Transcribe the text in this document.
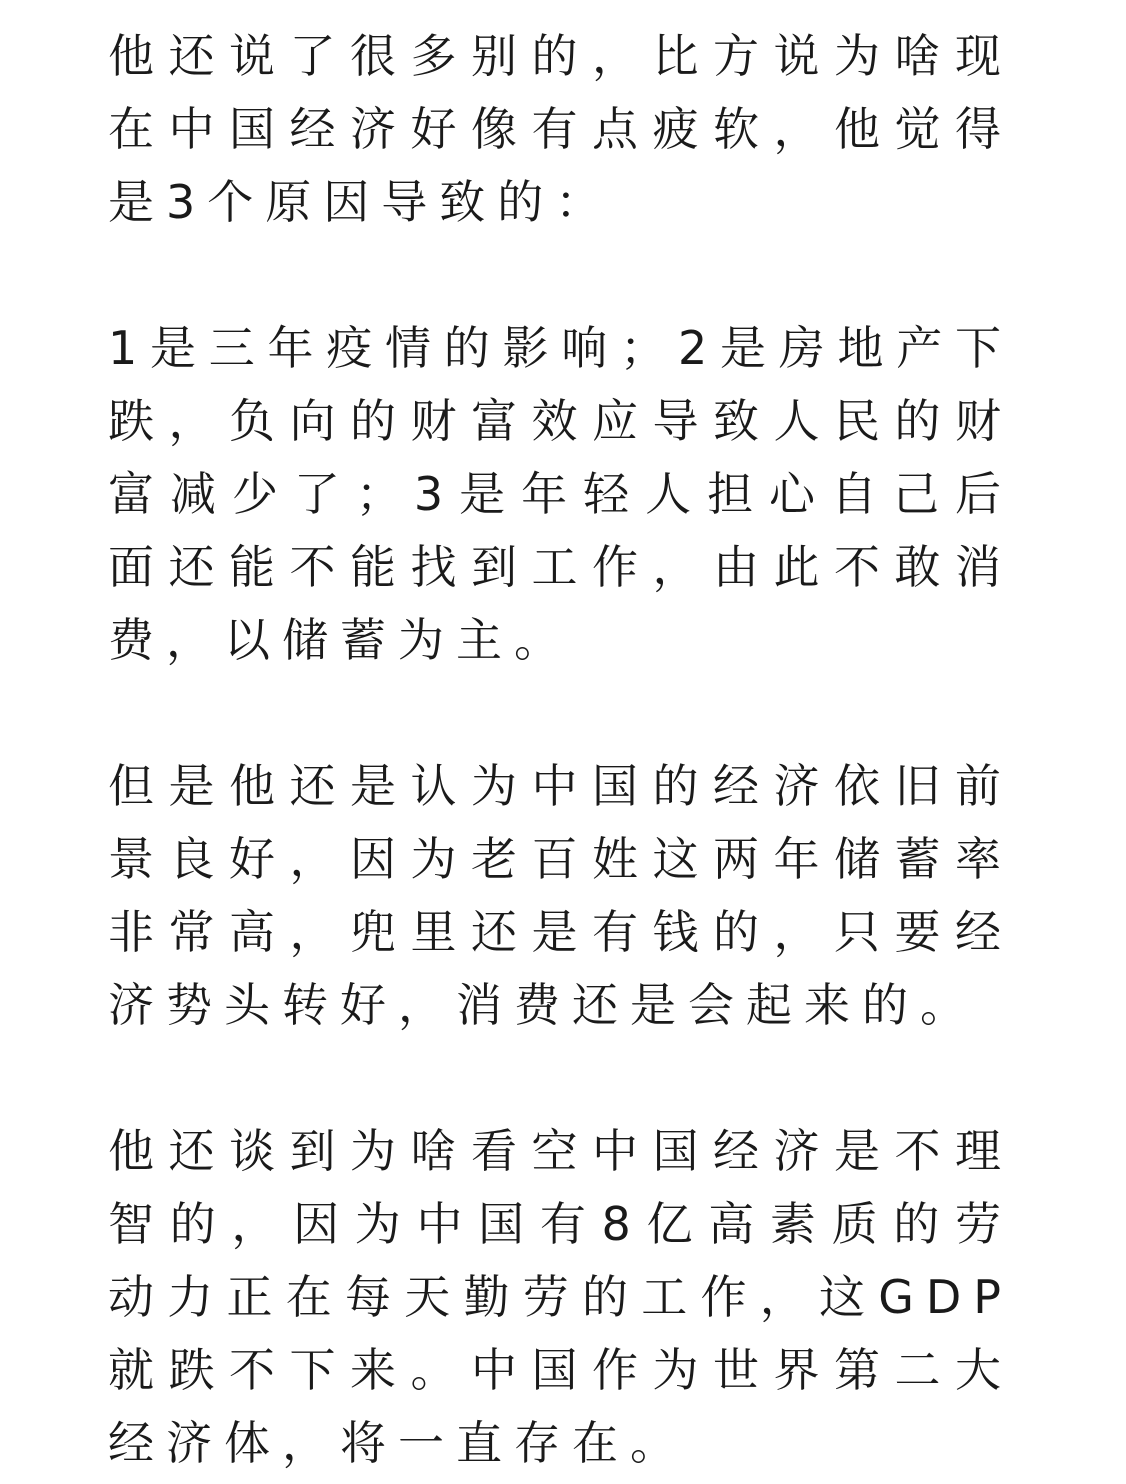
他还说了很多别的，比方说为啥现在中国经济好像有点疲软，他觉得是3个原因导致的：

1是三年疫情的影响；2是房地产下跌，负向的财富效应导致人民的财富减少了；3是年轻人担心自己后面还能不能找到工作，由此不敢消费，以储蓄为主。

但是他还是认为中国的经济依旧前景良好，因为老百姓这两年储蓄率非常高，兜里还是有钱的，只要经济势头转好，消费还是会起来的。

他还谈到为啥看空中国经济是不理智的，因为中国有8亿高素质的劳动力正在每天勤劳的工作，这GDP就跌不下来。中国作为世界第二大经济体，将一直存在。
